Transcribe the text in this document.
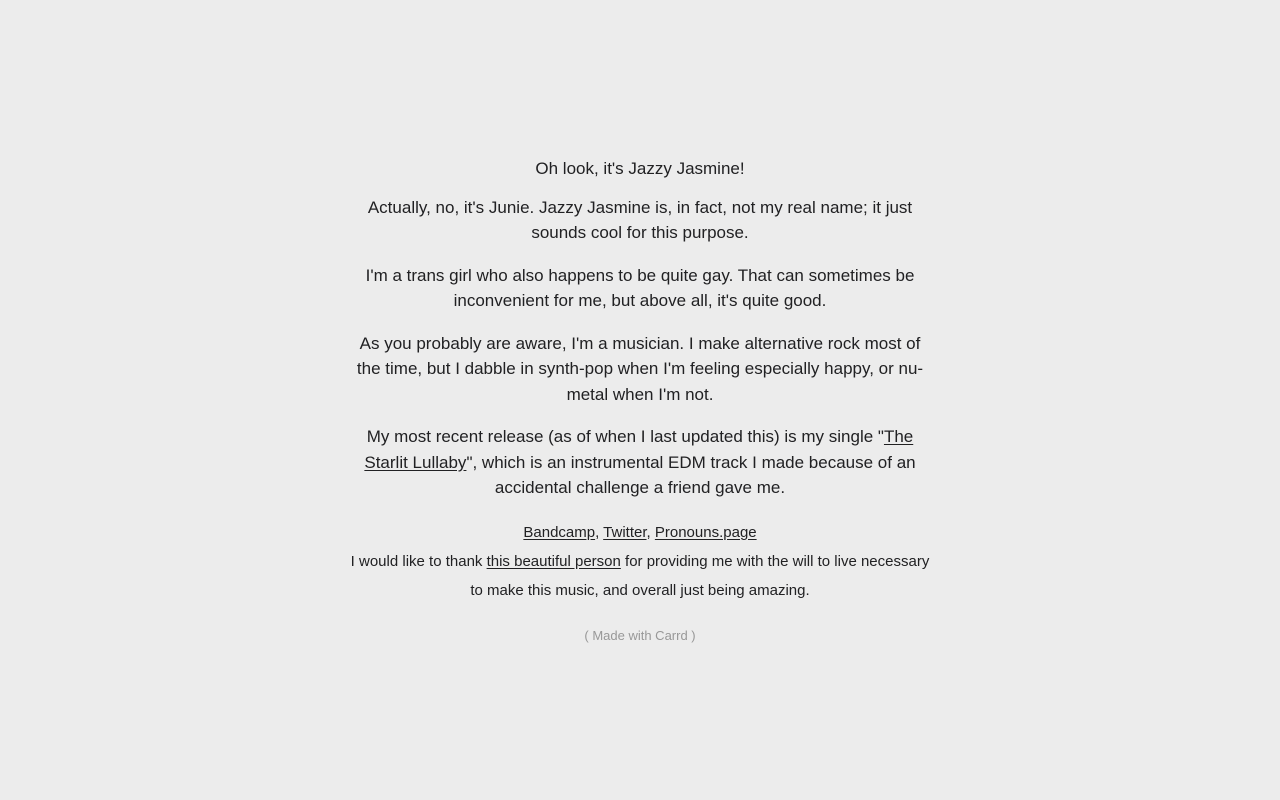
Oh look, it's Jazzy Jasmine!

Actually, no, it's Junie. Jazzy Jasmine is, in fact, not my real name; it just sounds cool for this purpose.

I'm a trans girl who also happens to be quite gay. That can sometimes be inconvenient for me, but above all, it's quite good.

As you probably are aware, I'm a musician. I make alternative rock most of the time, but I dabble in synth-pop when I'm feeling especially happy, or nu-metal when I'm not.

My most recent release (as of when I last updated this) is my single "The Starlit Lullaby", which is an instrumental EDM track I made because of an accidental challenge a friend gave me.

Bandcamp, Twitter, Pronouns.page
I would like to thank this beautiful person for providing me with the will to live necessary to make this music, and overall just being amazing.
( Made with Carrd )
